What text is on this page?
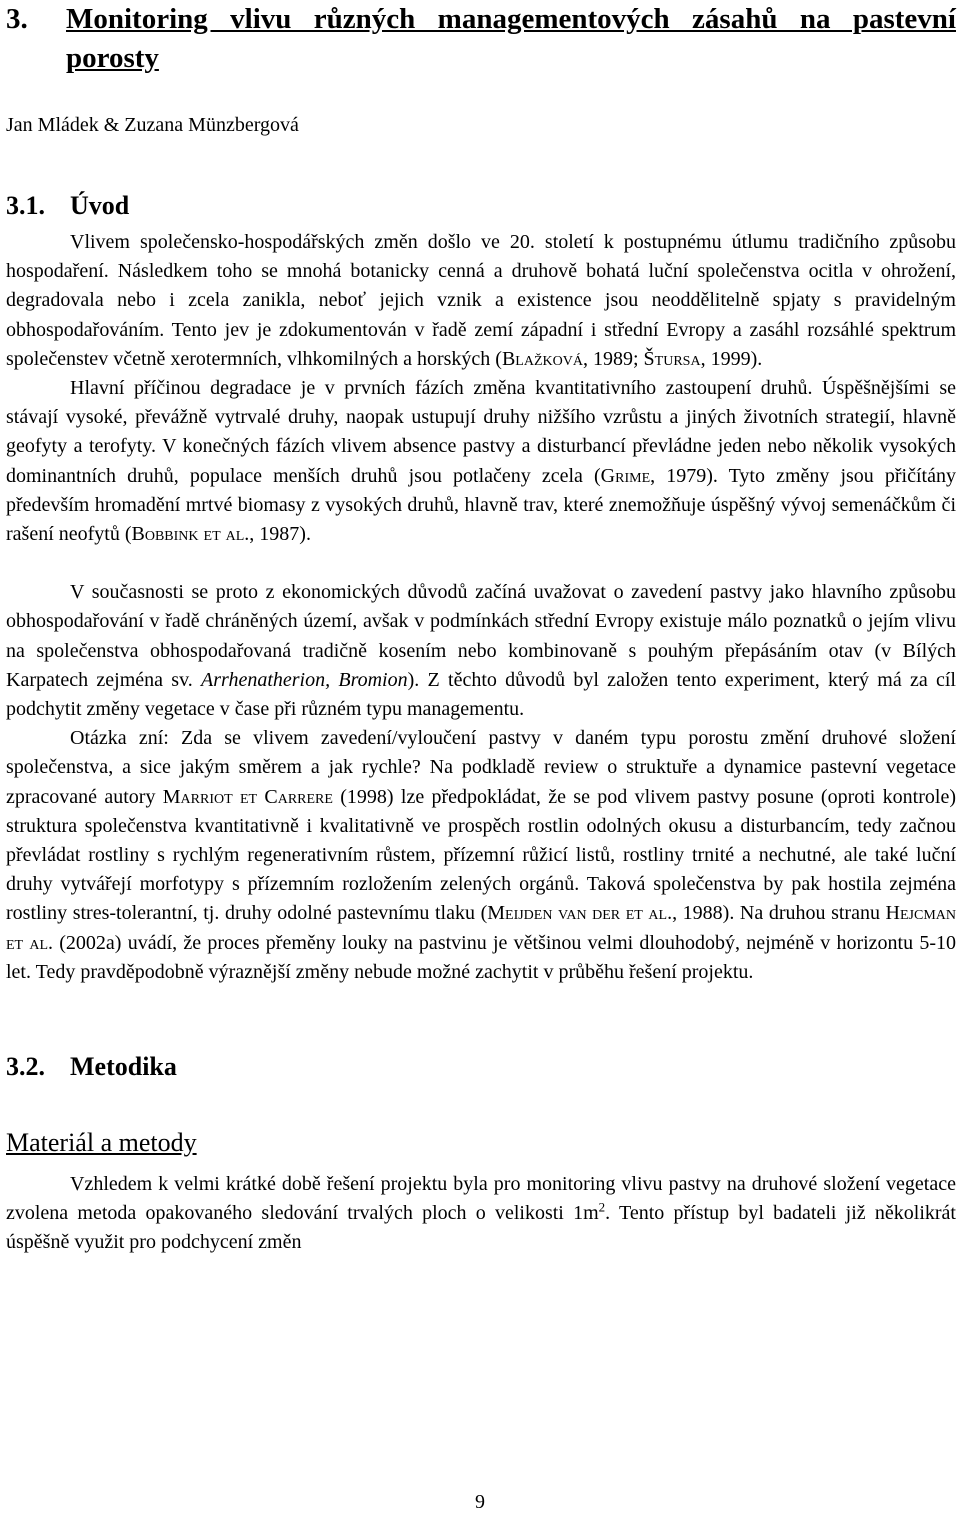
3.	Monitoring vlivu různých managementových zásahů na pastevní porosty
Jan Mládek & Zuzana Münzbergová
3.1. Úvod

Vlivem společensko-hospodářských změn došlo ve 20. století k postupnému útlumu tradičního způsobu hospodaření. Následkem toho se mnohá botanicky cenná a druhově bohatá luční společenstva ocitla v ohrožení, degradovala nebo i zcela zanikla, neboť jejich vznik a existence jsou neoddělitelně spjaty s pravidelným obhospodařováním. Tento jev je zdokumentován v řadě zemí západní i střední Evropy a zasáhl rozsáhlé spektrum společenstev včetně xerotermních, vlhkomilných a horských (Blažková, 1989; Štursa, 1999).

Hlavní příčinou degradace je v prvních fázích změna kvantitativního zastoupení druhů. Úspěšnějšími se stávají vysoké, převážně vytrvalé druhy, naopak ustupují druhy nižšího vzrůstu a jiných životních strategií, hlavně geofyty a terofyty. V konečných fázích vlivem absence pastvy a disturbancí převládne jeden nebo několik vysokých dominantních druhů, populace menších druhů jsou potlačeny zcela (Grime, 1979). Tyto změny jsou přičítány především hromadění mrtvé biomasy z vysokých druhů, hlavně trav, které znemožňuje úspěšný vývoj semenáčkům či rašení neofytů (Bobbink et al., 1987).

V současnosti se proto z ekonomických důvodů začíná uvažovat o zavedení pastvy jako hlavního způsobu obhospodařování v řadě chráněných území, avšak v podmínkách střední Evropy existuje málo poznatků o jejím vlivu na společenstva obhospodařovaná tradičně kosením nebo kombinovaně s pouhým přepásáním otav (v Bílých Karpatech zejména sv. Arrhenatherion, Bromion). Z těchto důvodů byl založen tento experiment, který má za cíl podchytit změny vegetace v čase při různém typu managementu.

Otázka zní: Zda se vlivem zavedení/vyloučení pastvy v daném typu porostu změní druhové složení společenstva, a sice jakým směrem a jak rychle? Na podkladě review o struktuře a dynamice pastevní vegetace zpracované autory Marriot et Carrere (1998) lze předpokládat, že se pod vlivem pastvy posune (oproti kontrole) struktura společenstva kvantitativně i kvalitativně ve prospěch rostlin odolných okusu a disturbancím, tedy začnou převládat rostliny s rychlým regenerativním růstem, přízemní růžicí listů, rostliny trnité a nechutné, ale také luční druhy vytvářejí morfotypy s přízemním rozložením zelených orgánů. Taková společenstva by pak hostila zejména rostliny stres-tolerantní, tj. druhy odolné pastevnímu tlaku (Meijden van der et al., 1988). Na druhou stranu Hejcman et al. (2002a) uvádí, že proces přeměny louky na pastvinu je většinou velmi dlouhodobý, nejméně v horizontu 5-10 let. Tedy pravděpodobně výraznější změny nebude možné zachytit v průběhu řešení projektu.

3.2. Metodika
Materiál a metody

Vzhledem k velmi krátké době řešení projektu byla pro monitoring vlivu pastvy na druhové složení vegetace zvolena metoda opakovaného sledování trvalých ploch o velikosti $1m^2$. Tento přístup byl badateli již několikrát úspěšně využit pro podchycení změn

9
